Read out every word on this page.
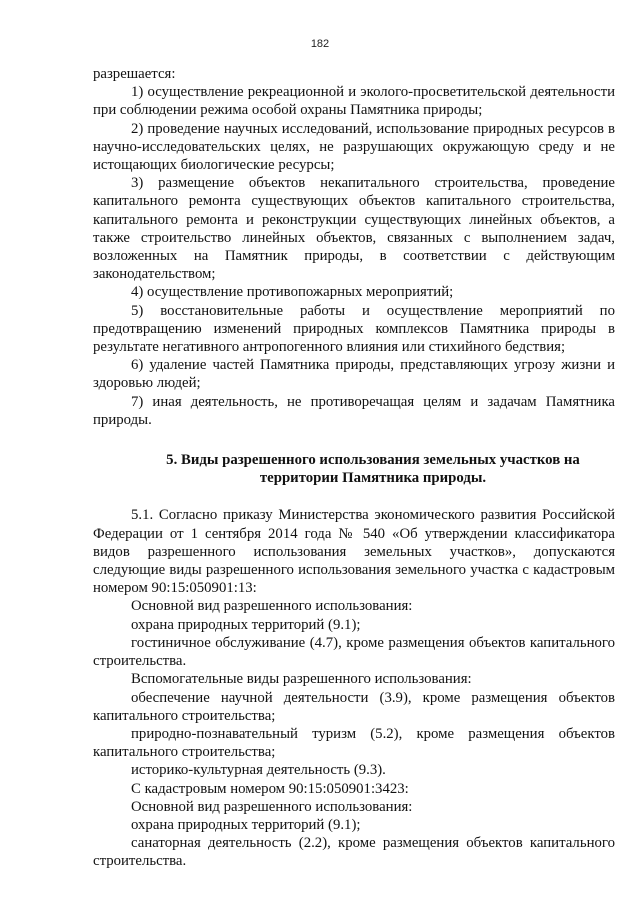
182

разрешается:

1) осуществление рекреационной и эколого-просветительской деятельности при соблюдении режима особой охраны Памятника природы;

2) проведение научных исследований, использование природных ресурсов в научно-исследовательских целях, не разрушающих окружающую среду и не истощающих биологические ресурсы;

3) размещение объектов некапитального строительства, проведение капитального ремонта существующих объектов капитального строительства, капитального ремонта и реконструкции существующих линейных объектов, а также строительство линейных объектов, связанных с выполнением задач, возложенных на Памятник природы, в соответствии с действующим законодательством;

4) осуществление противопожарных мероприятий;

5) восстановительные работы и осуществление мероприятий по предотвращению изменений природных комплексов Памятника природы в результате негативного антропогенного влияния или стихийного бедствия;

6) удаление частей Памятника природы, представляющих угрозу жизни и здоровью людей;

7) иная деятельность, не противоречащая целям и задачам Памятника природы.

5. Виды разрешенного использования земельных участков на территории Памятника природы.

5.1. Согласно приказу Министерства экономического развития Российской Федерации от 1 сентября 2014 года № 540 «Об утверждении классификатора видов разрешенного использования земельных участков», допускаются следующие виды разрешенного использования земельного участка с кадастровым номером 90:15:050901:13:

Основной вид разрешенного использования:

охрана природных территорий (9.1);

гостиничное обслуживание (4.7), кроме размещения объектов капитального строительства.

Вспомогательные виды разрешенного использования:

обеспечение научной деятельности (3.9), кроме размещения объектов капитального строительства;

природно-познавательный туризм (5.2), кроме размещения объектов капитального строительства;

историко-культурная деятельность (9.3).

С кадастровым номером 90:15:050901:3423:

Основной вид разрешенного использования:

охрана природных территорий (9.1);

санаторная деятельность (2.2), кроме размещения объектов капитального строительства.
